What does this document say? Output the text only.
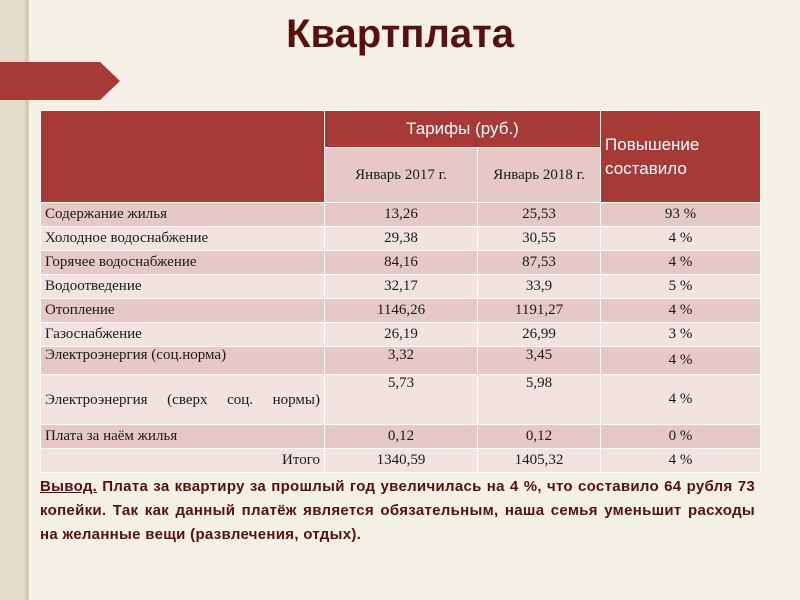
Квартплата
	Тарифы (руб.)		Повышение составило
	Январь 2017 г.	Январь 2018 г.	
Содержание жилья	13,26	25,53	93 %
Холодное водоснабжение	29,38	30,55	4 %
Горячее водоснабжение	84,16	87,53	4 %
Водоотведение	32,17	33,9	5 %
Отопление	1146,26	1191,27	4 %
Газоснабжение	26,19	26,99	3 %
Электроэнергия (соц.норма)	3,32	3,45	4 %
Электроэнергия (сверх соц. нормы)	5,73	5,98	4 %
Плата за наём жилья	0,12	0,12	0 %
Итого	1340,59	1405,32	4 %
Вывод. Плата за квартиру за прошлый год увеличилась на 4 %, что составило 64 рубля 73 копейки. Так как данный платёж является обязательным, наша семья уменьшит расходы на желанные вещи (развлечения, отдых).
